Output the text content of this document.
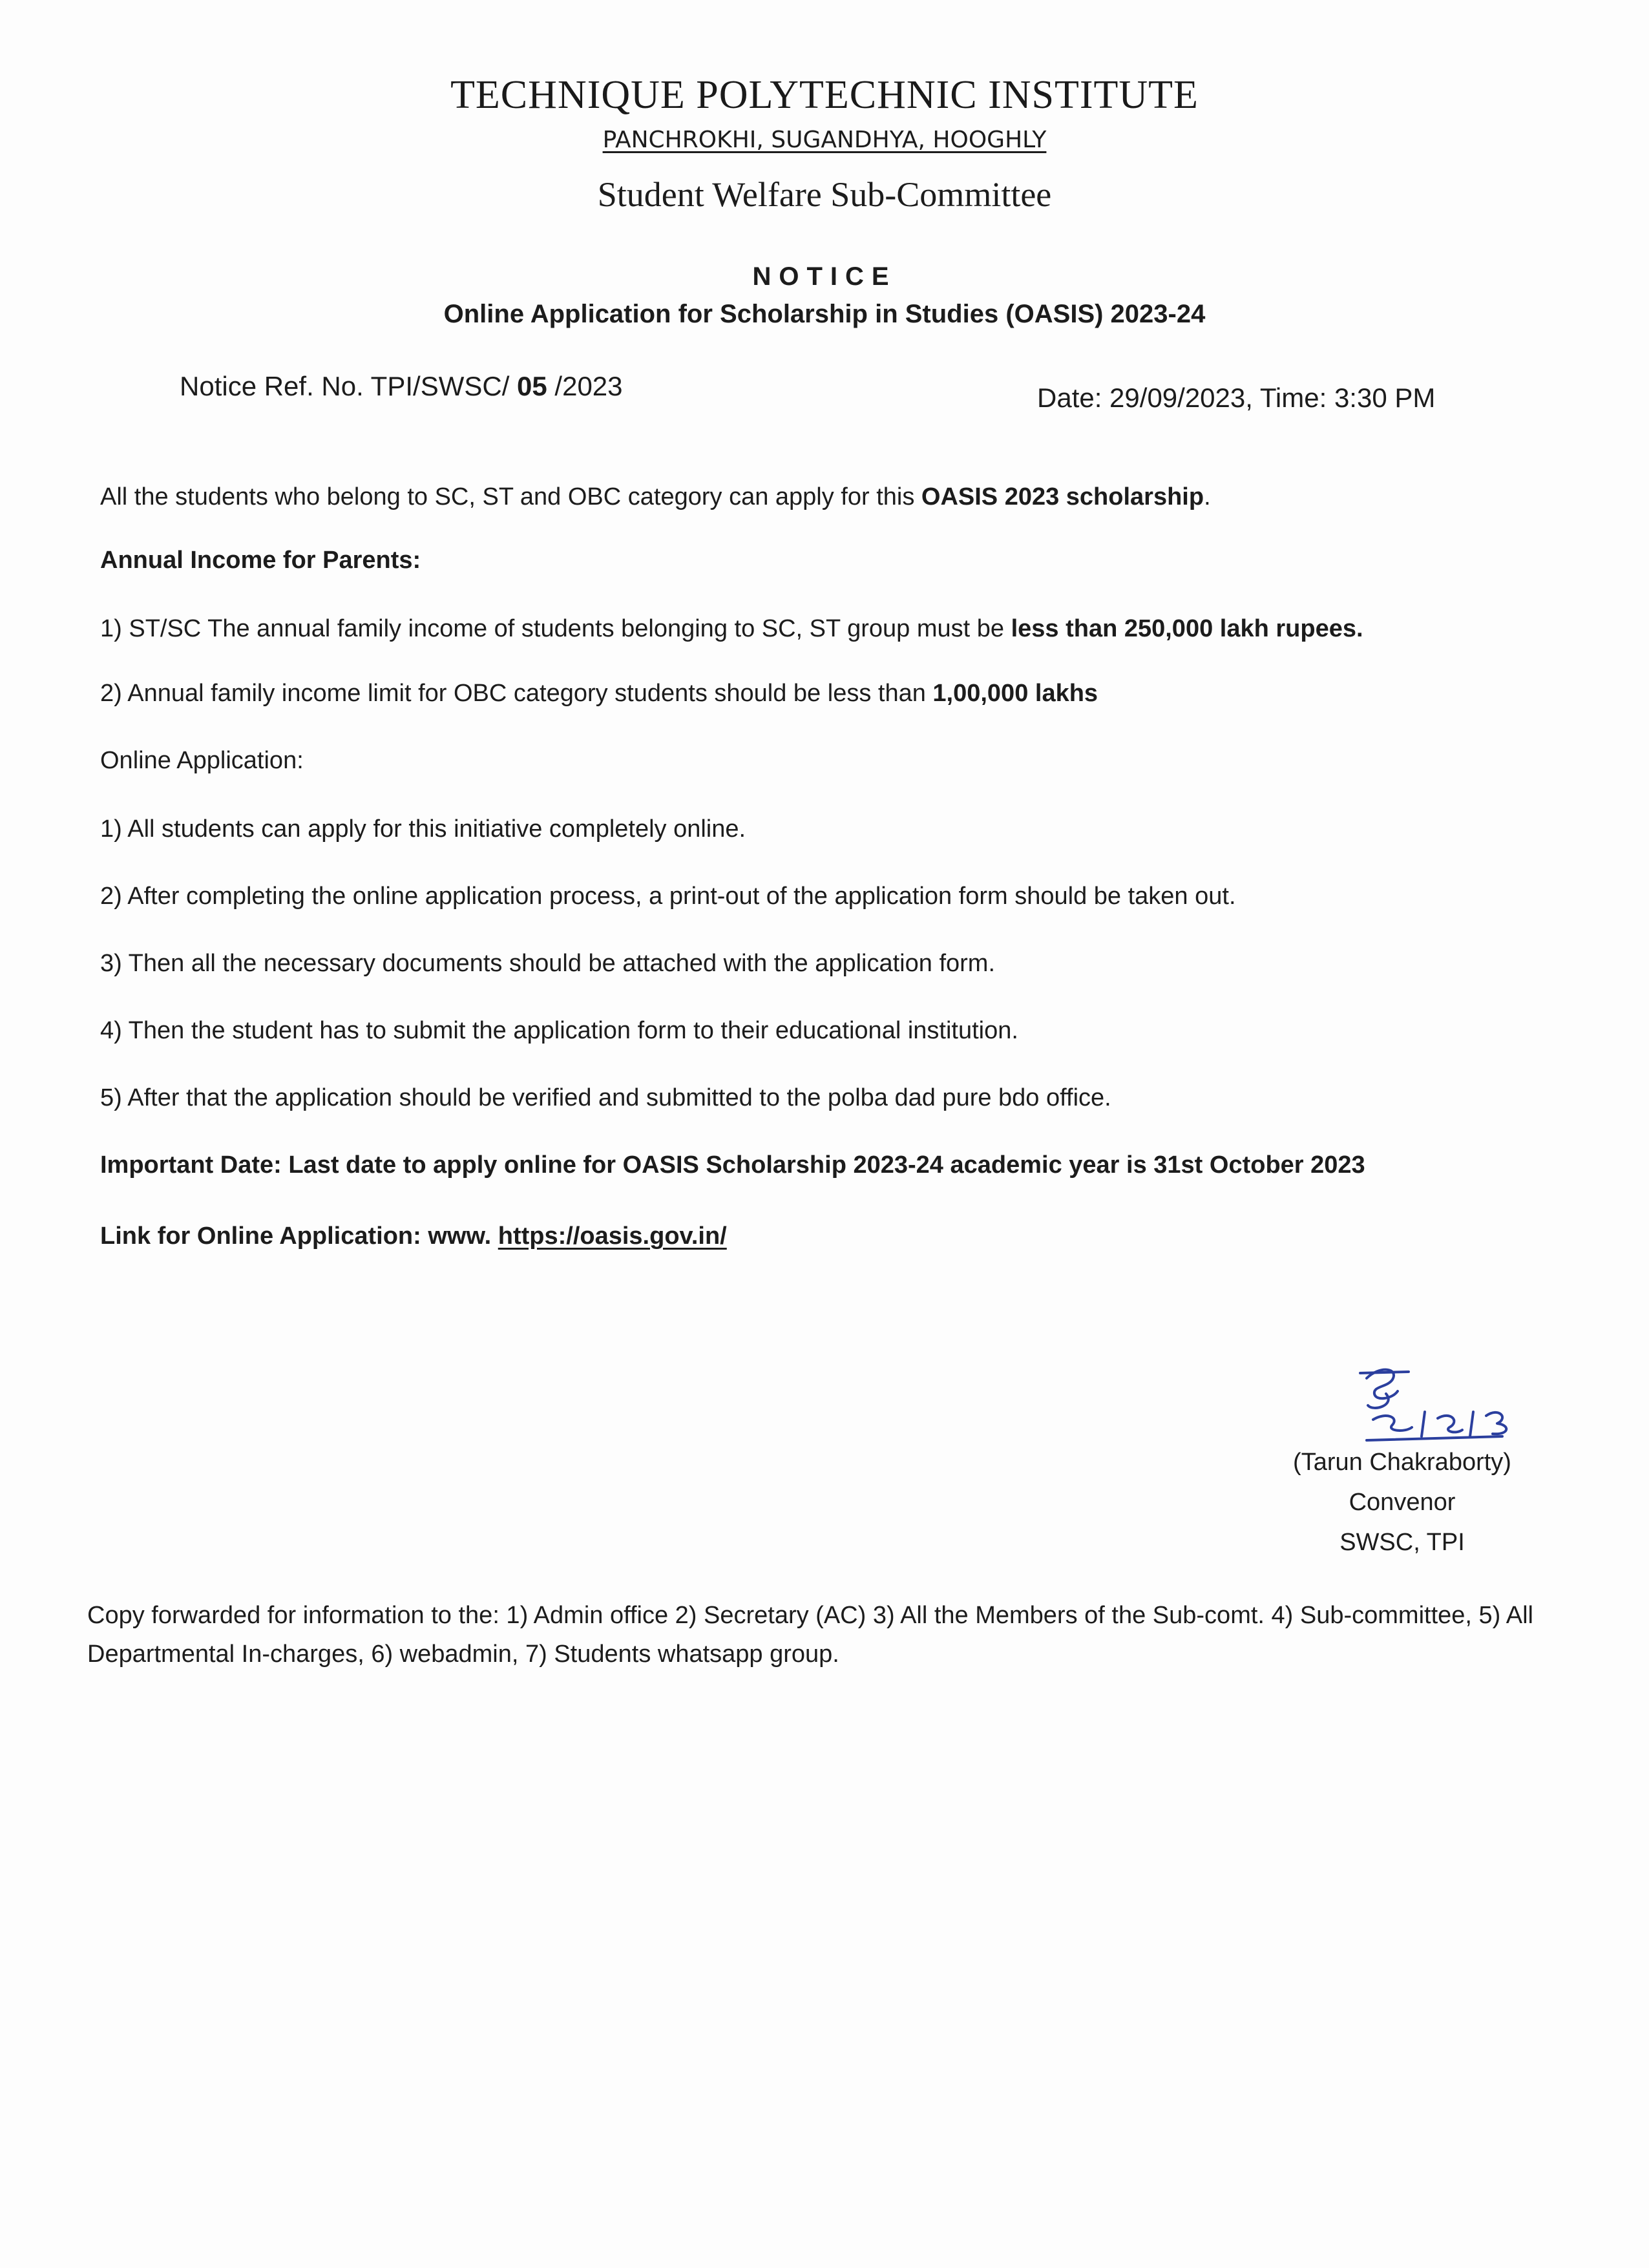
TECHNIQUE POLYTECHNIC INSTITUTE
PANCHROKHI, SUGANDHYA, HOOGHLY
Student Welfare Sub-Committee
NOTICE
Online Application for Scholarship in Studies (OASIS) 2023-24
Notice Ref. No. TPI/SWSC/ 05 /2023	Date: 29/09/2023, Time: 3:30 PM
All the students who belong to SC, ST and OBC category can apply for this OASIS 2023 scholarship.
Annual Income for Parents:
1) ST/SC The annual family income of students belonging to SC, ST group must be less than 250,000 lakh rupees.
2) Annual family income limit for OBC category students should be less than 1,00,000 lakhs
Online Application:
1) All students can apply for this initiative completely online.
2) After completing the online application process, a print-out of the application form should be taken out.
3) Then all the necessary documents should be attached with the application form.
4) Then the student has to submit the application form to their educational institution.
5) After that the application should be verified and submitted to the polba dad pure bdo office.
Important Date: Last date to apply online for OASIS Scholarship 2023-24 academic year is 31st October 2023
Link for Online Application: www. https://oasis.gov.in/
(Tarun Chakraborty)
Convenor
SWSC, TPI
Copy forwarded for information to the: 1) Admin office 2) Secretary (AC) 3) All the Members of the Sub-comt. 4) Sub-committee, 5) All Departmental In-charges, 6) webadmin, 7) Students whatsapp group.
